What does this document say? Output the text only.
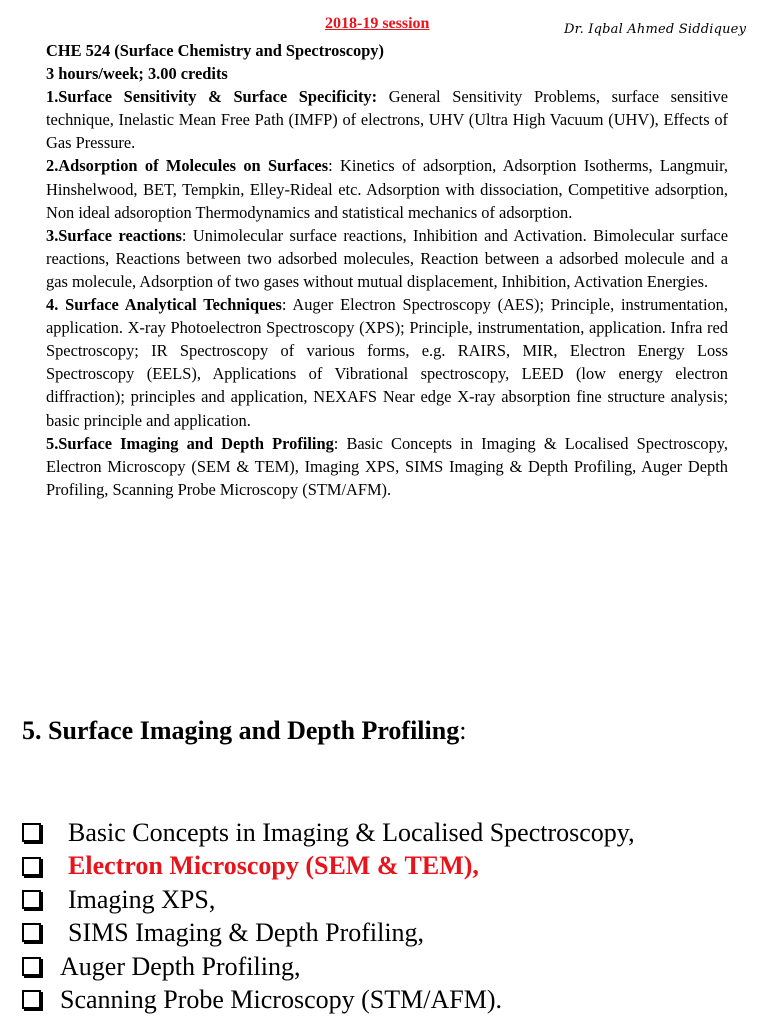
2018-19 session	Dr. Iqbal Ahmed Siddiquey
CHE 524 (Surface Chemistry and Spectroscopy)
3 hours/week; 3.00 credits
1.Surface Sensitivity & Surface Specificity: General Sensitivity Problems, surface sensitive technique, Inelastic Mean Free Path (IMFP) of electrons, UHV (Ultra High Vacuum (UHV), Effects of Gas Pressure.
2.Adsorption of Molecules on Surfaces: Kinetics of adsorption, Adsorption Isotherms, Langmuir, Hinshelwood, BET, Tempkin, Elley-Rideal etc. Adsorption with dissociation, Competitive adsorption, Non ideal adsoroption Thermodynamics and statistical mechanics of adsorption.
3.Surface reactions: Unimolecular surface reactions, Inhibition and Activation. Bimolecular surface reactions, Reactions between two adsorbed molecules, Reaction between a adsorbed molecule and a gas molecule, Adsorption of two gases without mutual displacement, Inhibition, Activation Energies.
4. Surface Analytical Techniques: Auger Electron Spectroscopy (AES); Principle, instrumentation, application. X-ray Photoelectron Spectroscopy (XPS); Principle, instrumentation, application. Infra red Spectroscopy; IR Spectroscopy of various forms, e.g. RAIRS, MIR, Electron Energy Loss Spectroscopy (EELS), Applications of Vibrational spectroscopy, LEED (low energy electron diffraction); principles and application, NEXAFS Near edge X-ray absorption fine structure analysis; basic principle and application.
5.Surface Imaging and Depth Profiling: Basic Concepts in Imaging & Localised Spectroscopy, Electron Microscopy (SEM & TEM), Imaging XPS, SIMS Imaging & Depth Profiling, Auger Depth Profiling, Scanning Probe Microscopy (STM/AFM).
5. Surface Imaging and Depth Profiling:
Basic Concepts in Imaging & Localised Spectroscopy,
Electron Microscopy (SEM & TEM),
Imaging XPS,
SIMS Imaging & Depth Profiling,
Auger Depth Profiling,
Scanning Probe Microscopy (STM/AFM).
